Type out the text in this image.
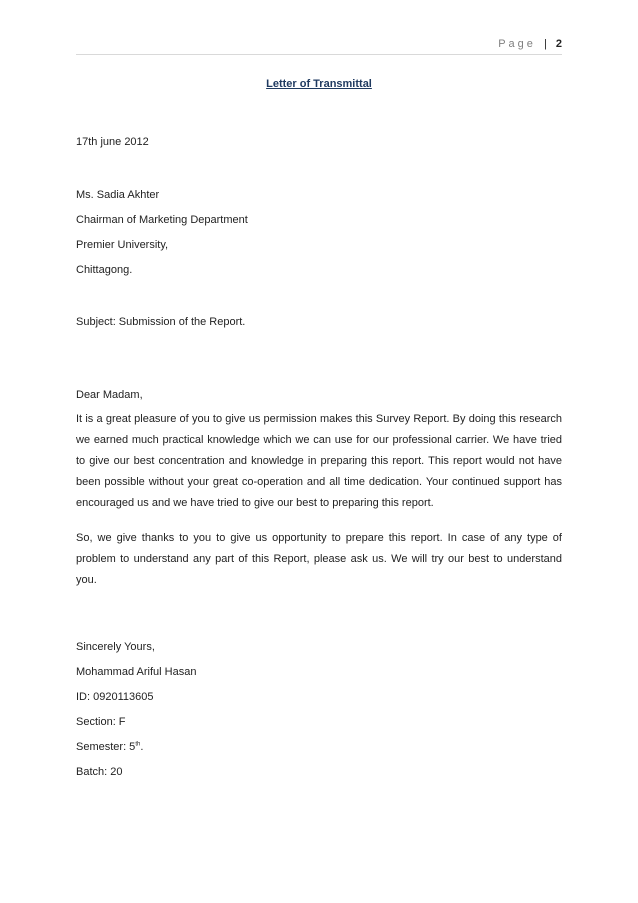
Page | 2
Letter of Transmittal
17th june 2012
Ms. Sadia Akhter
Chairman of Marketing Department
Premier University,
Chittagong.
Subject: Submission of the Report.
Dear Madam,

It is a great pleasure of you to give us permission makes this Survey Report. By doing this research we earned much practical knowledge which we can use for our professional carrier. We have tried to give our best concentration and knowledge in preparing this report. This report would not have been possible without your great co-operation and all time dedication. Your continued support has encouraged us and we have tried to give our best to preparing this report.

So, we give thanks to you to give us opportunity to prepare this report. In case of any type of problem to understand any part of this Report, please ask us. We will try our best to understand you.

Sincerely Yours,
Mohammad Ariful Hasan
ID: 0920113605
Section: F
Semester: 5th.
Batch: 20
